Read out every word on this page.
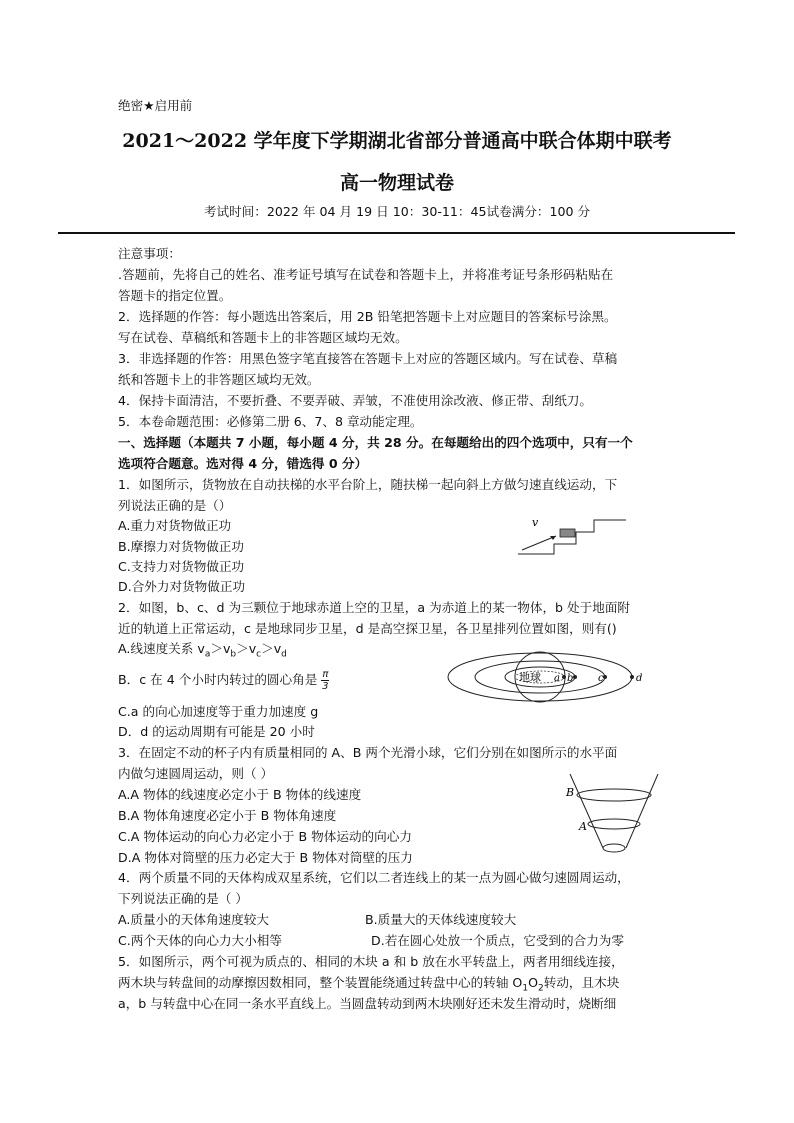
绝密★启用前
2021～2022 学年度下学期湖北省部分普通高中联合体期中联考
高一物理试卷
考试时间：2022 年 04 月 19 日 10：30-11：45试卷满分：100 分
注意事项：
.答题前，先将自己的姓名、准考证号填写在试卷和答题卡上，并将准考证号条形码粘贴在
答题卡的指定位置。
2．选择题的作答：每小题选出答案后，用 2B 铅笔把答题卡上对应题目的答案标号涂黑。
写在试卷、草稿纸和答题卡上的非答题区域均无效。
3．非选择题的作答：用黑色签字笔直接答在答题卡上对应的答题区域内。写在试卷、草稿
纸和答题卡上的非答题区域均无效。
4．保持卡面清洁，不要折叠、不要弄破、弄皱，不准使用涂改液、修正带、刮纸刀。
5．本卷命题范围：必修第二册 6、7、8 章动能定理。
一、选择题（本题共 7 小题，每小题 4 分，共 28 分。在每题给出的四个选项中，只有一个
选项符合题意。选对得 4 分，错选得 0 分）
1．如图所示，货物放在自动扶梯的水平台阶上，随扶梯一起向斜上方做匀速直线运动，下
列说法正确的是（）
A.重力对货物做正功
B.摩擦力对货物做正功
C.支持力对货物做正功
D.合外力对货物做正功
v
2．如图，b、c、d 为三颗位于地球赤道上空的卫星，a 为赤道上的某一物体，b 处于地面附
近的轨道上正常运动，c 是地球同步卫星，d 是高空探卫星，各卫星排列位置如图，则有()
A.线速度关系 $v_a>v_b>v_c>v_d$
B．c 在 4 个小时内转过的圆心角是 $\frac{\pi}{3}$
C.a 的向心加速度等于重力加速度 g
D．d 的运动周期有可能是 20 小时
地球 a b c	d
3．在固定不动的杯子内有质量相同的 A、B 两个光滑小球，它们分别在如图所示的水平面
内做匀速圆周运动，则（ ）
A.A 物体的线速度必定小于 B 物体的线速度
B.A 物体角速度必定小于 B 物体角速度
C.A 物体运动的向心力必定小于 B 物体运动的向心力
D.A 物体对筒壁的压力必定大于 B 物体对筒壁的压力
B
A
4．两个质量不同的天体构成双星系统，它们以二者连线上的某一点为圆心做匀速圆周运动，
下列说法正确的是（ ）
A.质量小的天体角速度较大	B.质量大的天体线速度较大
C.两个天体的向心力大小相等	D.若在圆心处放一个质点，它受到的合力为零
5．如图所示，两个可视为质点的、相同的木块 a 和 b 放在水平转盘上，两者用细线连接，
两木块与转盘间的动摩擦因数相同，整个装置能绕通过转盘中心的转轴 $O_1O_2$转动，且木块
a，b 与转盘中心在同一条水平直线上。当圆盘转动到两木块刚好还未发生滑动时，烧断细
